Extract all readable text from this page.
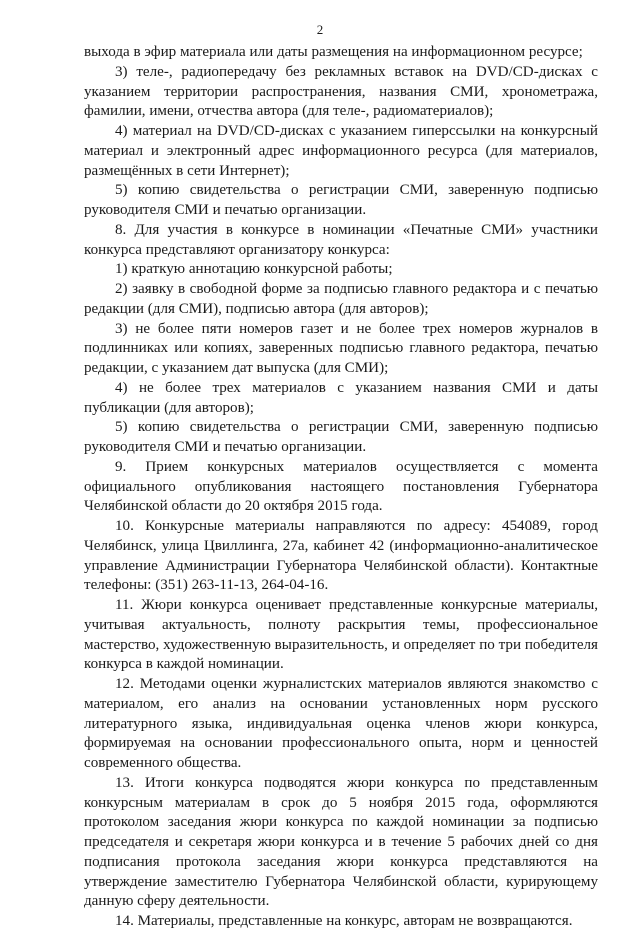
2

выхода в эфир материала или даты размещения на информационном ресурсе;

3) теле-, радиопередачу без рекламных вставок на DVD/CD-дисках с указанием территории распространения, названия СМИ, хронометража, фамилии, имени, отчества автора (для теле-, радиоматериалов);

4) материал на DVD/CD-дисках с указанием гиперссылки на конкурсный материал и электронный адрес информационного ресурса (для материалов, размещённых в сети Интернет);

5) копию свидетельства о регистрации СМИ, заверенную подписью руководителя СМИ и печатью организации.

8. Для участия в конкурсе в номинации «Печатные СМИ» участники конкурса представляют организатору конкурса:

1) краткую аннотацию конкурсной работы;

2) заявку в свободной форме за подписью главного редактора и с печатью редакции (для СМИ), подписью автора (для авторов);

3) не более пяти номеров газет и не более трех номеров журналов в подлинниках или копиях, заверенных подписью главного редактора, печатью редакции, с указанием дат выпуска (для СМИ);

4) не более трех материалов с указанием названия СМИ и даты публикации (для авторов);

5) копию свидетельства о регистрации СМИ, заверенную подписью руководителя СМИ и печатью организации.

9. Прием конкурсных материалов осуществляется с момента официального опубликования настоящего постановления Губернатора Челябинской области до 20 октября 2015 года.

10. Конкурсные материалы направляются по адресу: 454089, город Челябинск, улица Цвиллинга, 27а, кабинет 42 (информационно-аналитическое управление Администрации Губернатора Челябинской области). Контактные телефоны: (351) 263-11-13, 264-04-16.

11. Жюри конкурса оценивает представленные конкурсные материалы, учитывая актуальность, полноту раскрытия темы, профессиональное мастерство, художественную выразительность, и определяет по три победителя конкурса в каждой номинации.

12. Методами оценки журналистских материалов являются знакомство с материалом, его анализ на основании установленных норм русского литературного языка, индивидуальная оценка членов жюри конкурса, формируемая на основании профессионального опыта, норм и ценностей современного общества.

13. Итоги конкурса подводятся жюри конкурса по представленным конкурсным материалам в срок до 5 ноября 2015 года, оформляются протоколом заседания жюри конкурса по каждой номинации за подписью председателя и секретаря жюри конкурса и в течение 5 рабочих дней со дня подписания протокола заседания жюри конкурса представляются на утверждение заместителю Губернатора Челябинской области, курирующему данную сферу деятельности.

14. Материалы, представленные на конкурс, авторам не возвращаются.
